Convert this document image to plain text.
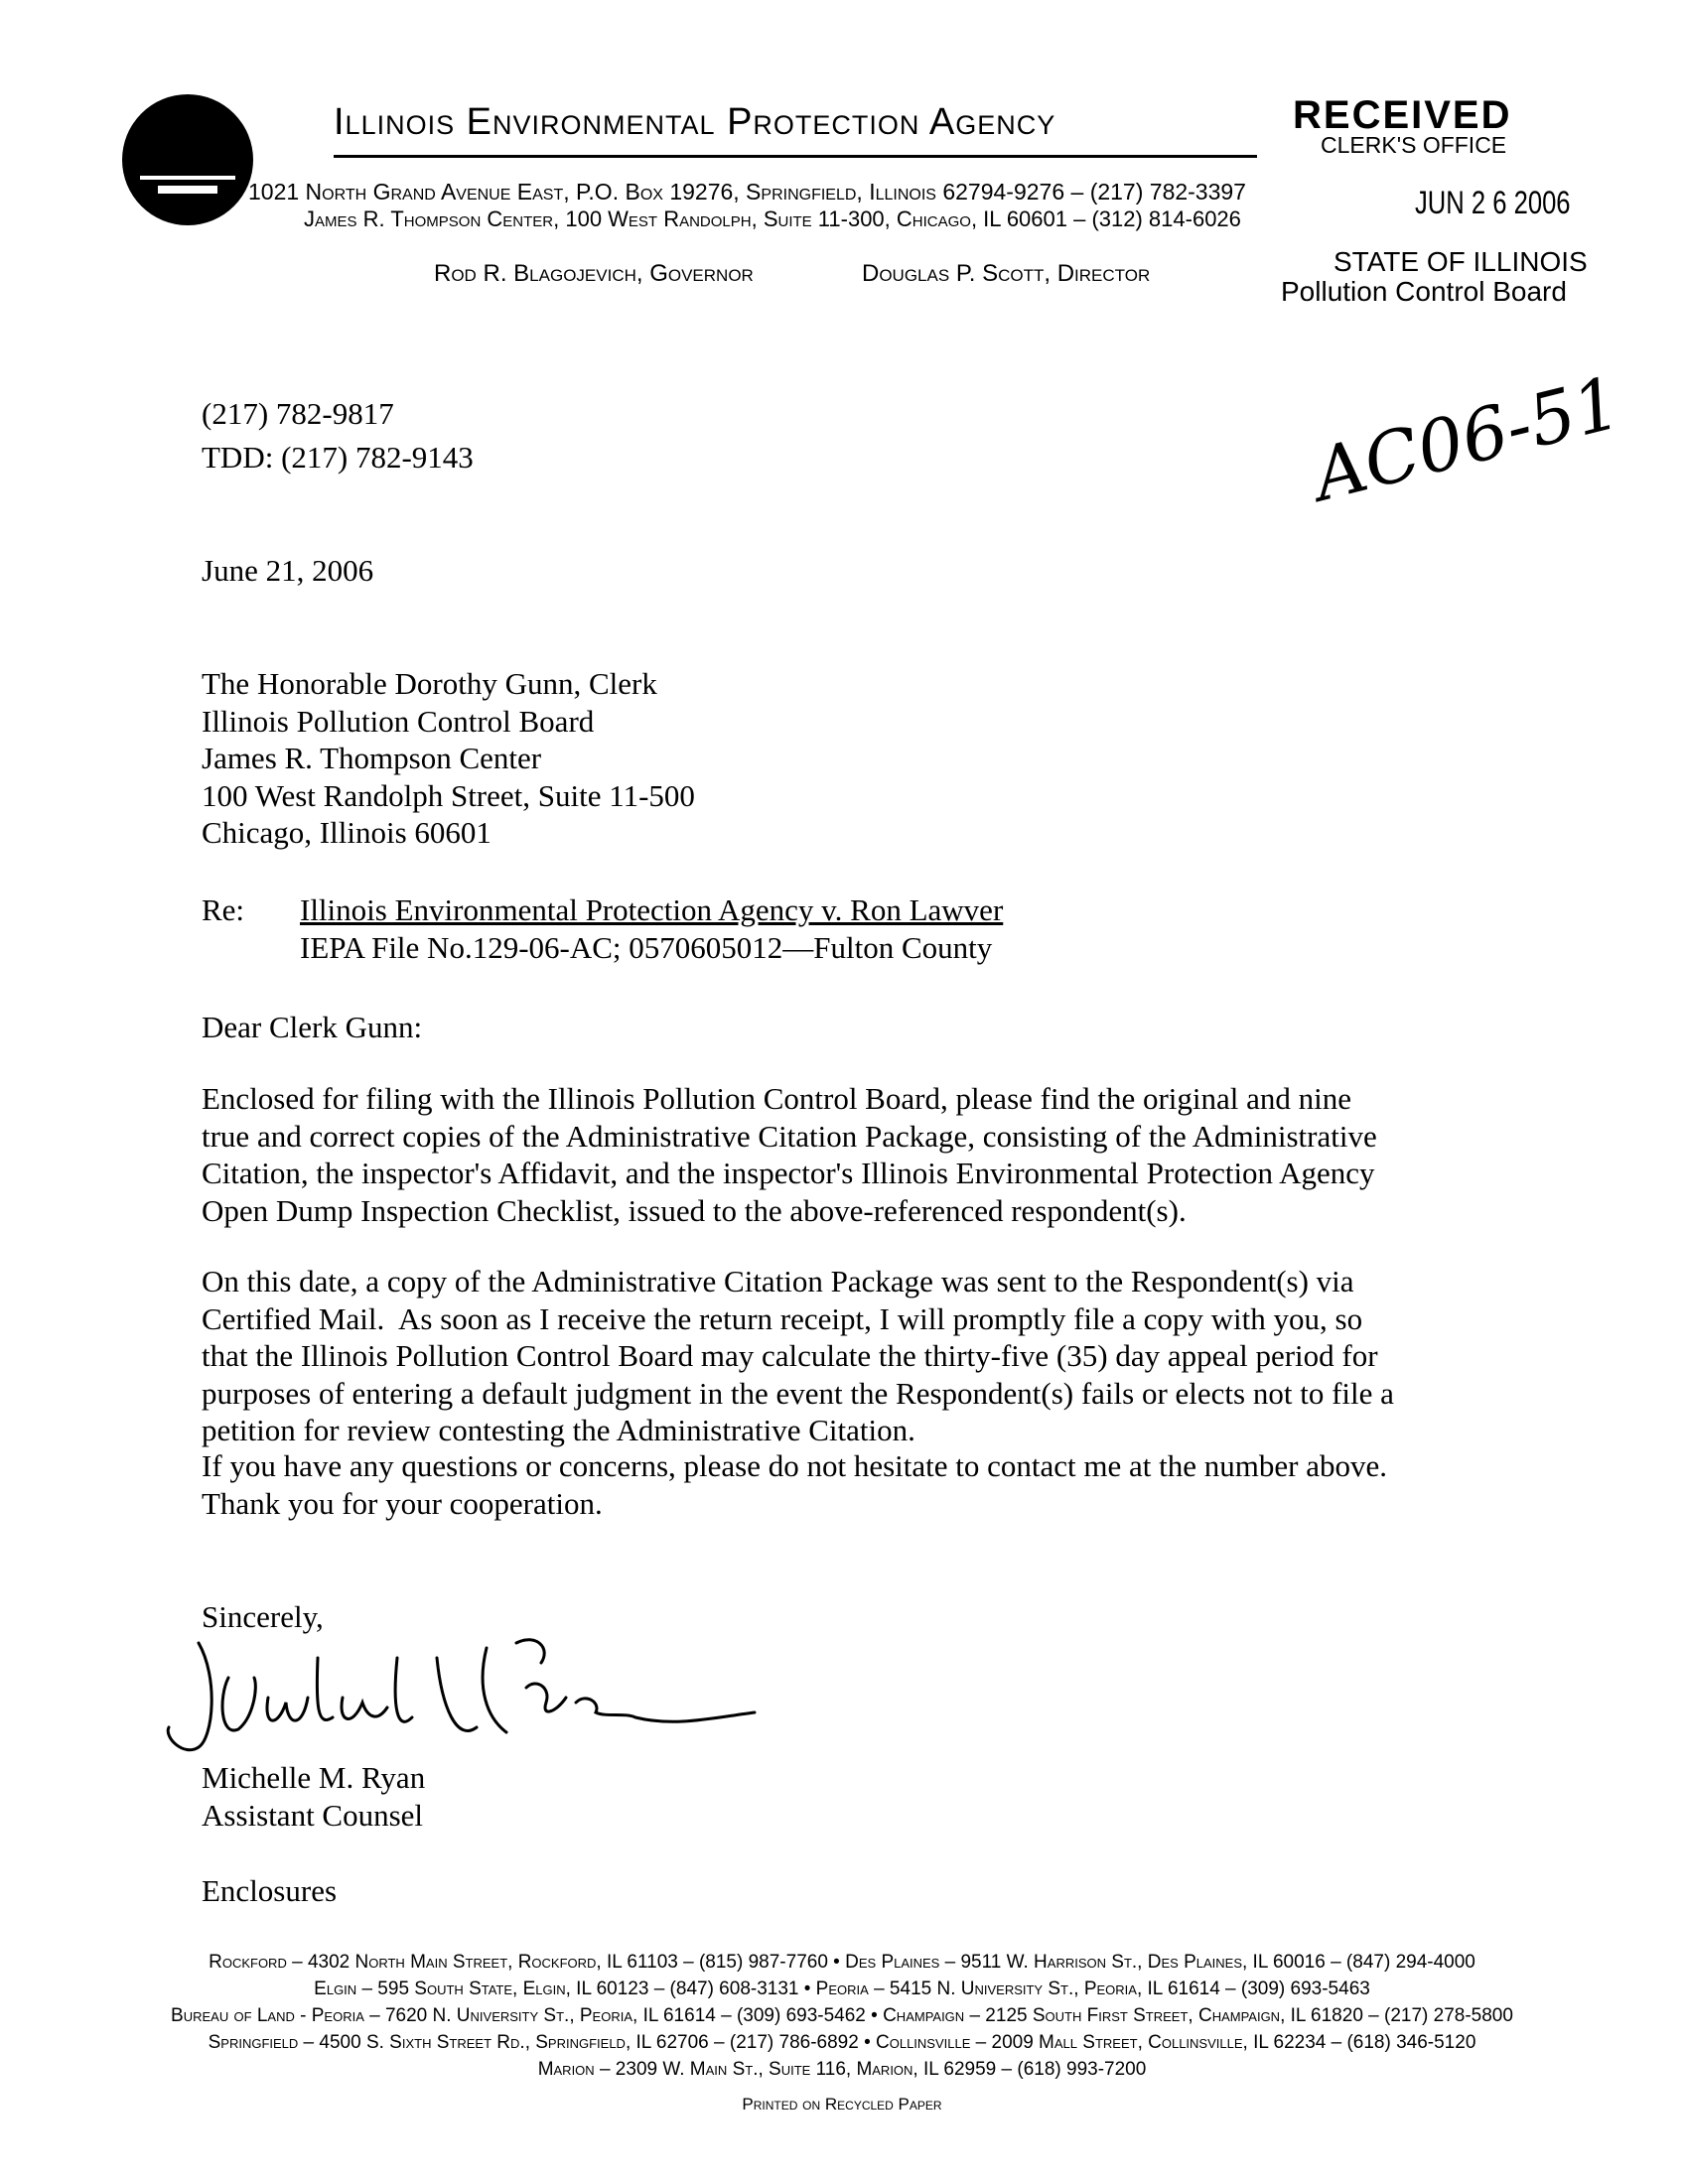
Illinois Environmental Protection Agency
1021 North Grand Avenue East, P.O. Box 19276, Springfield, Illinois 62794-9276 – (217) 782-3397
James R. Thompson Center, 100 West Randolph, Suite 11-300, Chicago, IL 60601 – (312) 814-6026
Rod R. Blagojevich, Governor	Douglas P. Scott, Director
RECEIVED
CLERK'S OFFICE
JUN 2 6 2006
STATE OF ILLINOIS
Pollution Control Board
AC06-51
(217) 782-9817
TDD: (217) 782-9143
June 21, 2006
The Honorable Dorothy Gunn, Clerk
Illinois Pollution Control Board
James R. Thompson Center
100 West Randolph Street, Suite 11-500
Chicago, Illinois 60601
Re: Illinois Environmental Protection Agency v. Ron Lawver
IEPA File No.129-06-AC; 0570605012—Fulton County
Dear Clerk Gunn:
Enclosed for filing with the Illinois Pollution Control Board, please find the original and nine
true and correct copies of the Administrative Citation Package, consisting of the Administrative
Citation, the inspector's Affidavit, and the inspector's Illinois Environmental Protection Agency
Open Dump Inspection Checklist, issued to the above-referenced respondent(s).
On this date, a copy of the Administrative Citation Package was sent to the Respondent(s) via
Certified Mail.  As soon as I receive the return receipt, I will promptly file a copy with you, so
that the Illinois Pollution Control Board may calculate the thirty-five (35) day appeal period for
purposes of entering a default judgment in the event the Respondent(s) fails or elects not to file a
petition for review contesting the Administrative Citation.
If you have any questions or concerns, please do not hesitate to contact me at the number above.
Thank you for your cooperation.
Sincerely,
Michelle M. Ryan
Assistant Counsel
Enclosures
Rockford – 4302 North Main Street, Rockford, IL 61103 – (815) 987-7760 • Des Plaines – 9511 W. Harrison St., Des Plaines, IL 60016 – (847) 294-4000
Elgin – 595 South State, Elgin, IL 60123 – (847) 608-3131 • Peoria – 5415 N. University St., Peoria, IL 61614 – (309) 693-5463
Bureau of Land - Peoria – 7620 N. University St., Peoria, IL 61614 – (309) 693-5462 • Champaign – 2125 South First Street, Champaign, IL 61820 – (217) 278-5800
Springfield – 4500 S. Sixth Street Rd., Springfield, IL 62706 – (217) 786-6892 • Collinsville – 2009 Mall Street, Collinsville, IL 62234 – (618) 346-5120
Marion – 2309 W. Main St., Suite 116, Marion, IL 62959 – (618) 993-7200
Printed on Recycled Paper
